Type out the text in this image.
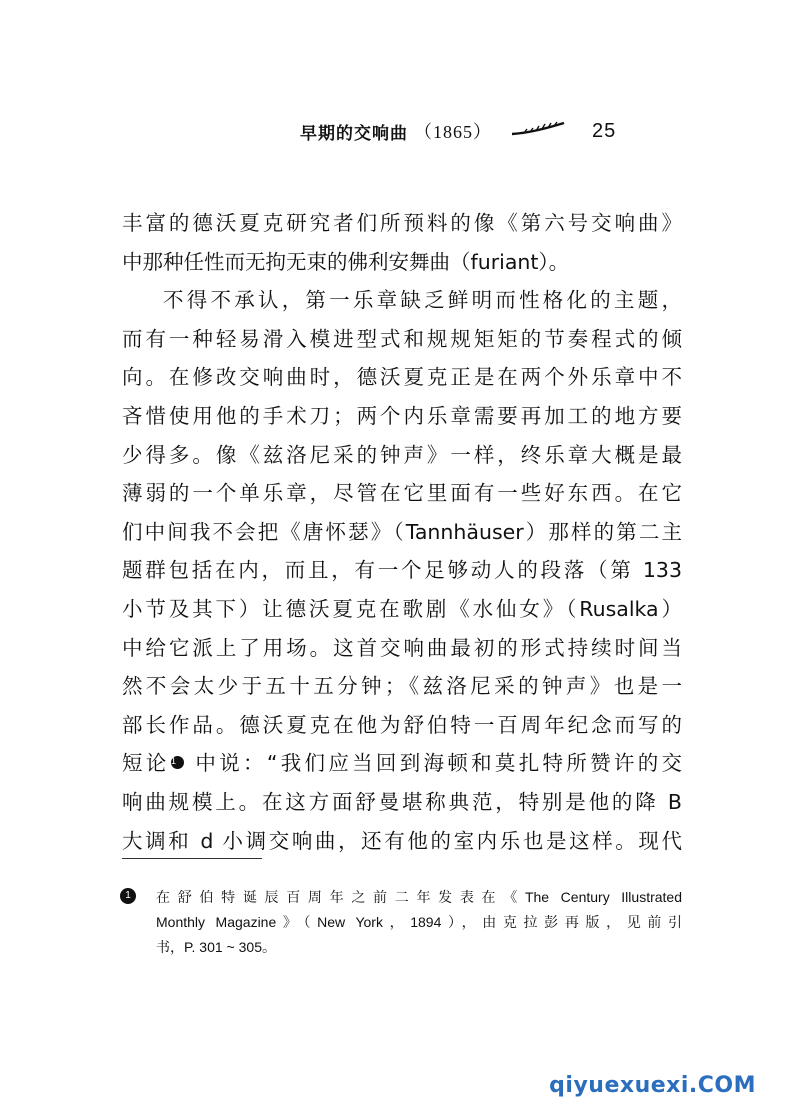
早期的交响曲 （1865）	25
丰富的德沃夏克研究者们所预料的像《第六号交响曲》
中那种任性而无拘无束的佛利安舞曲（furiant）。
不得不承认，第一乐章缺乏鲜明而性格化的主题，
而有一种轻易滑入模进型式和规规矩矩的节奏程式的倾
向。在修改交响曲时，德沃夏克正是在两个外乐章中不
吝惜使用他的手术刀；两个内乐章需要再加工的地方要
少得多。像《兹洛尼采的钟声》一样，终乐章大概是最
薄弱的一个单乐章，尽管在它里面有一些好东西。在它
们中间我不会把《唐怀瑟》（Tannhäuser）那样的第二主
题群包括在内，而且，有一个足够动人的段落（第 133
小节及其下）让德沃夏克在歌剧《水仙女》（Rusalka）
中给它派上了用场。这首交响曲最初的形式持续时间当
然不会太少于五十五分钟；《兹洛尼采的钟声》也是一
部长作品。德沃夏克在他为舒伯特一百周年纪念而写的
短论1 中说：“我们应当回到海顿和莫扎特所赞许的交
响曲规模上。在这方面舒曼堪称典范，特别是他的降 B
大调和 d 小调交响曲，还有他的室内乐也是这样。现代
1	在舒伯特诞辰百周年之前二年发表在《The Century Illustrated
Monthly Magazine》（New York，1894），由克拉彭再版，见前引
书，P. 301 ~ 305。
qiyuexuexi.COM
